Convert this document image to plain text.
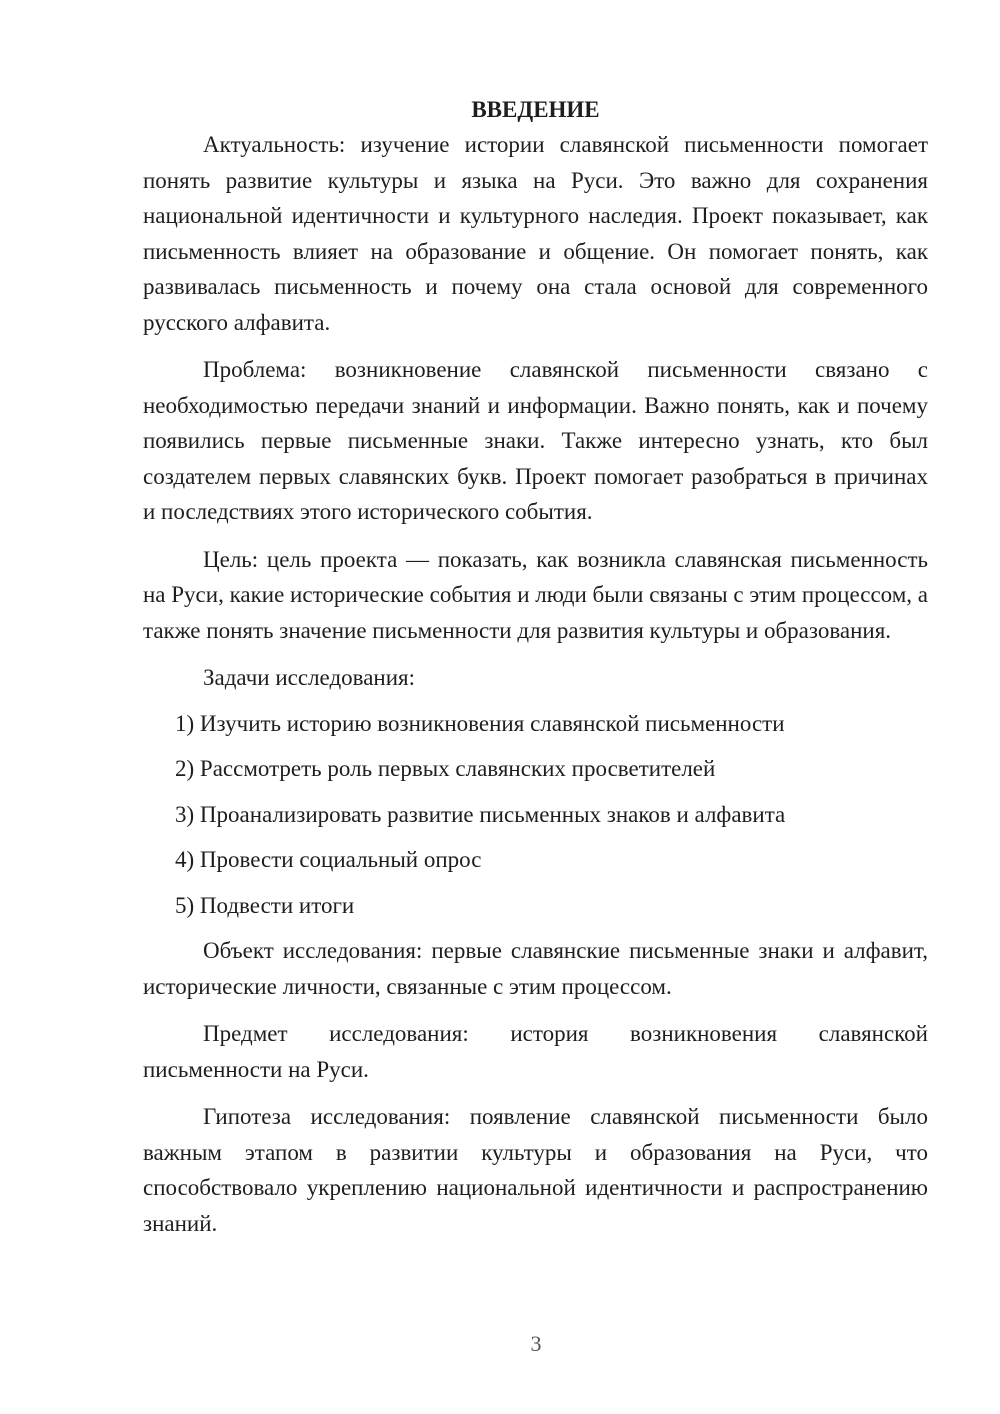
ВВЕДЕНИЕ

Актуальность: изучение истории славянской письменности помогает понять развитие культуры и языка на Руси. Это важно для сохранения национальной идентичности и культурного наследия. Проект показывает, как письменность влияет на образование и общение. Он помогает понять, как развивалась письменность и почему она стала основой для современного русского алфавита.

Проблема: возникновение славянской письменности связано с необходимостью передачи знаний и информации. Важно понять, как и почему появились первые письменные знаки. Также интересно узнать, кто был создателем первых славянских букв. Проект помогает разобраться в причинах и последствиях этого исторического события.

Цель: цель проекта — показать, как возникла славянская письменность на Руси, какие исторические события и люди были связаны с этим процессом, а также понять значение письменности для развития культуры и образования.

Задачи исследования:
1) Изучить историю возникновения славянской письменности
2) Рассмотреть роль первых славянских просветителей
3) Проанализировать развитие письменных знаков и алфавита
4) Провести социальный опрос
5) Подвести итоги

Объект исследования: первые славянские письменные знаки и алфавит, исторические личности, связанные с этим процессом.

Предмет исследования: история возникновения славянской письменности на Руси.

Гипотеза исследования: появление славянской письменности было важным этапом в развитии культуры и образования на Руси, что способствовало укреплению национальной идентичности и распространению знаний.

3
